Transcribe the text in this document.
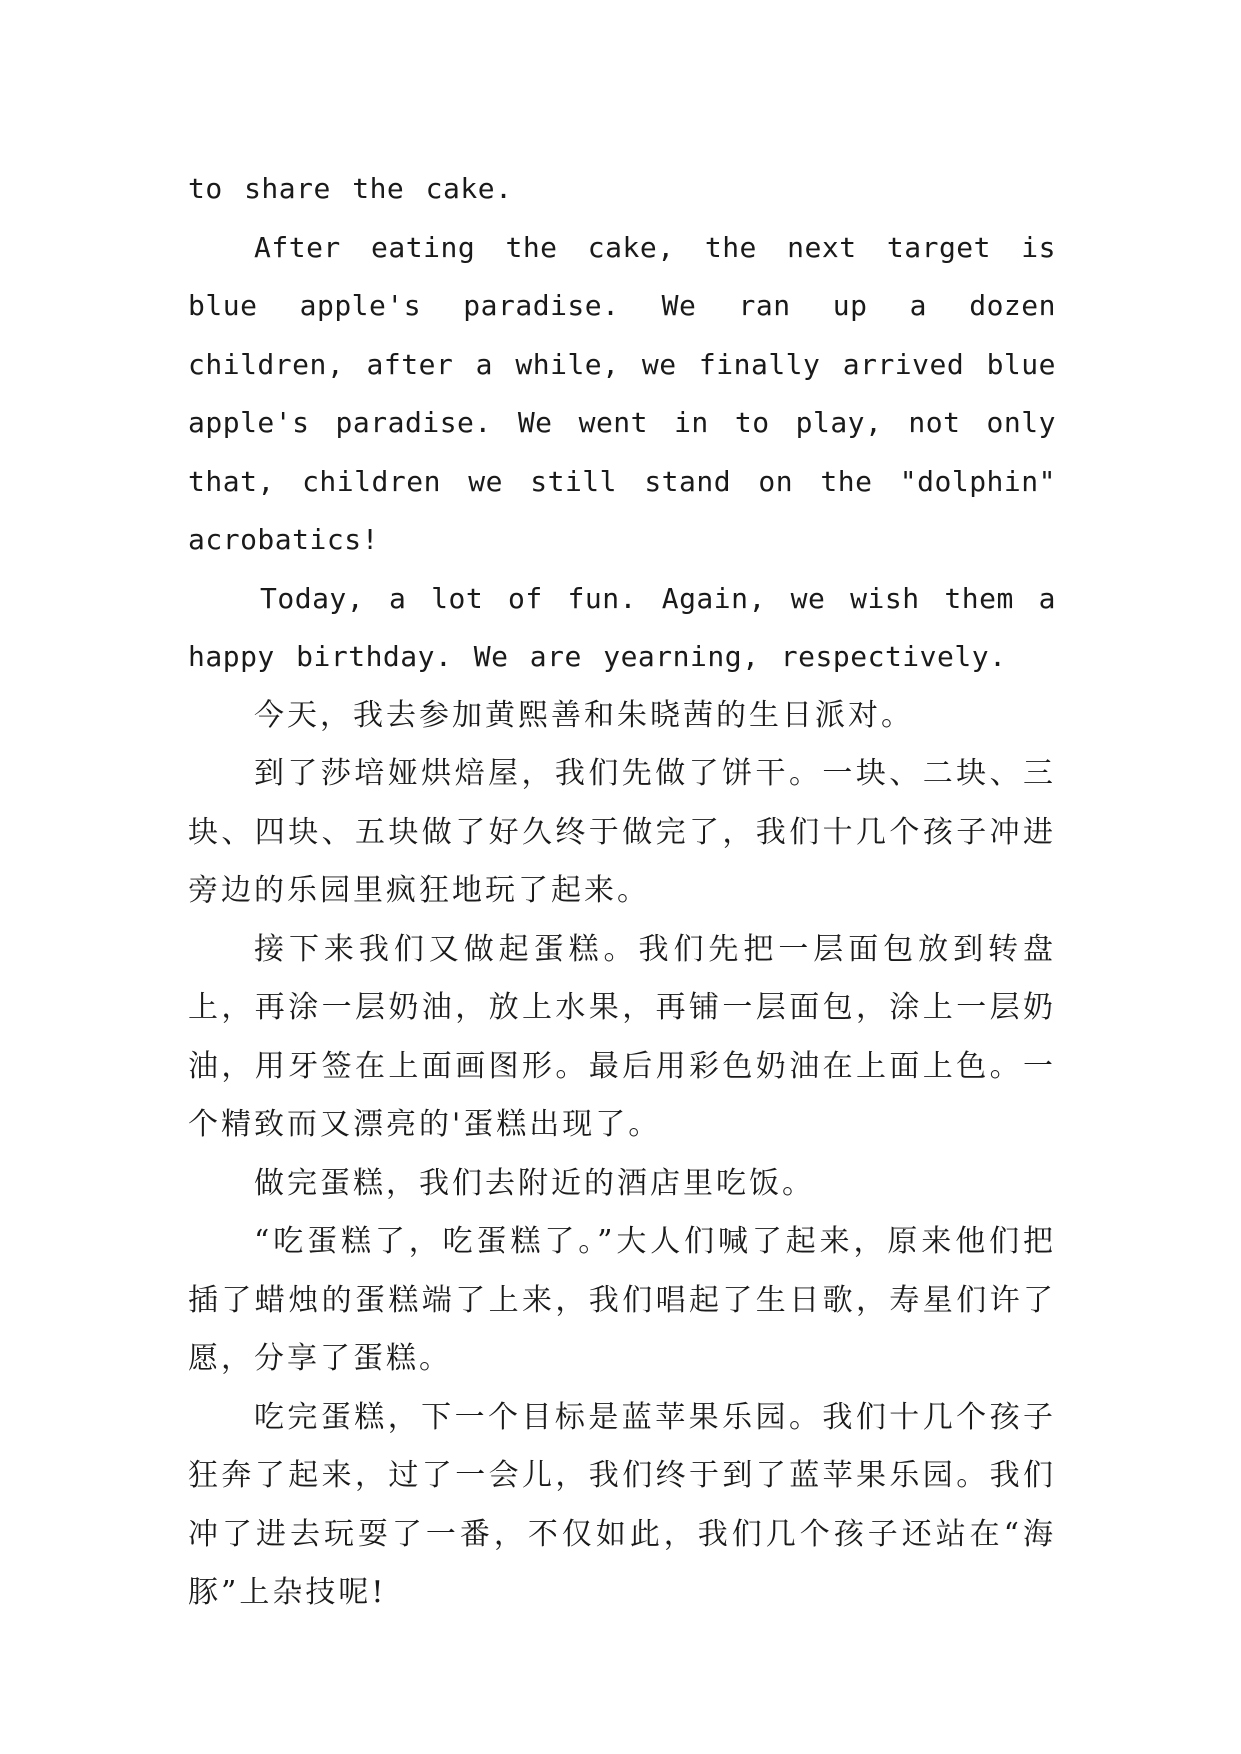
to share the cake.

After eating the cake, the next target is blue apple's paradise. We ran up a dozen children, after a while, we finally arrived blue apple's paradise. We went in to play, not only that, children we still stand on the "dolphin" acrobatics!

Today, a lot of fun. Again, we wish them a happy birthday. We are yearning, respectively.

今天，我去参加黄熙善和朱晓茜的生日派对。

到了莎培娅烘焙屋，我们先做了饼干。一块、二块、三块、四块、五块做了好久终于做完了，我们十几个孩子冲进旁边的乐园里疯狂地玩了起来。

接下来我们又做起蛋糕。我们先把一层面包放到转盘上，再涂一层奶油，放上水果，再铺一层面包，涂上一层奶油，用牙签在上面画图形。最后用彩色奶油在上面上色。一个精致而又漂亮的'蛋糕出现了。

做完蛋糕，我们去附近的酒店里吃饭。

“吃蛋糕了，吃蛋糕了。”大人们喊了起来，原来他们把插了蜡烛的蛋糕端了上来，我们唱起了生日歌，寿星们许了愿，分享了蛋糕。

吃完蛋糕，下一个目标是蓝苹果乐园。我们十几个孩子狂奔了起来，过了一会儿，我们终于到了蓝苹果乐园。我们冲了进去玩耍了一番，不仅如此，我们几个孩子还站在“海豚”上杂技呢!
